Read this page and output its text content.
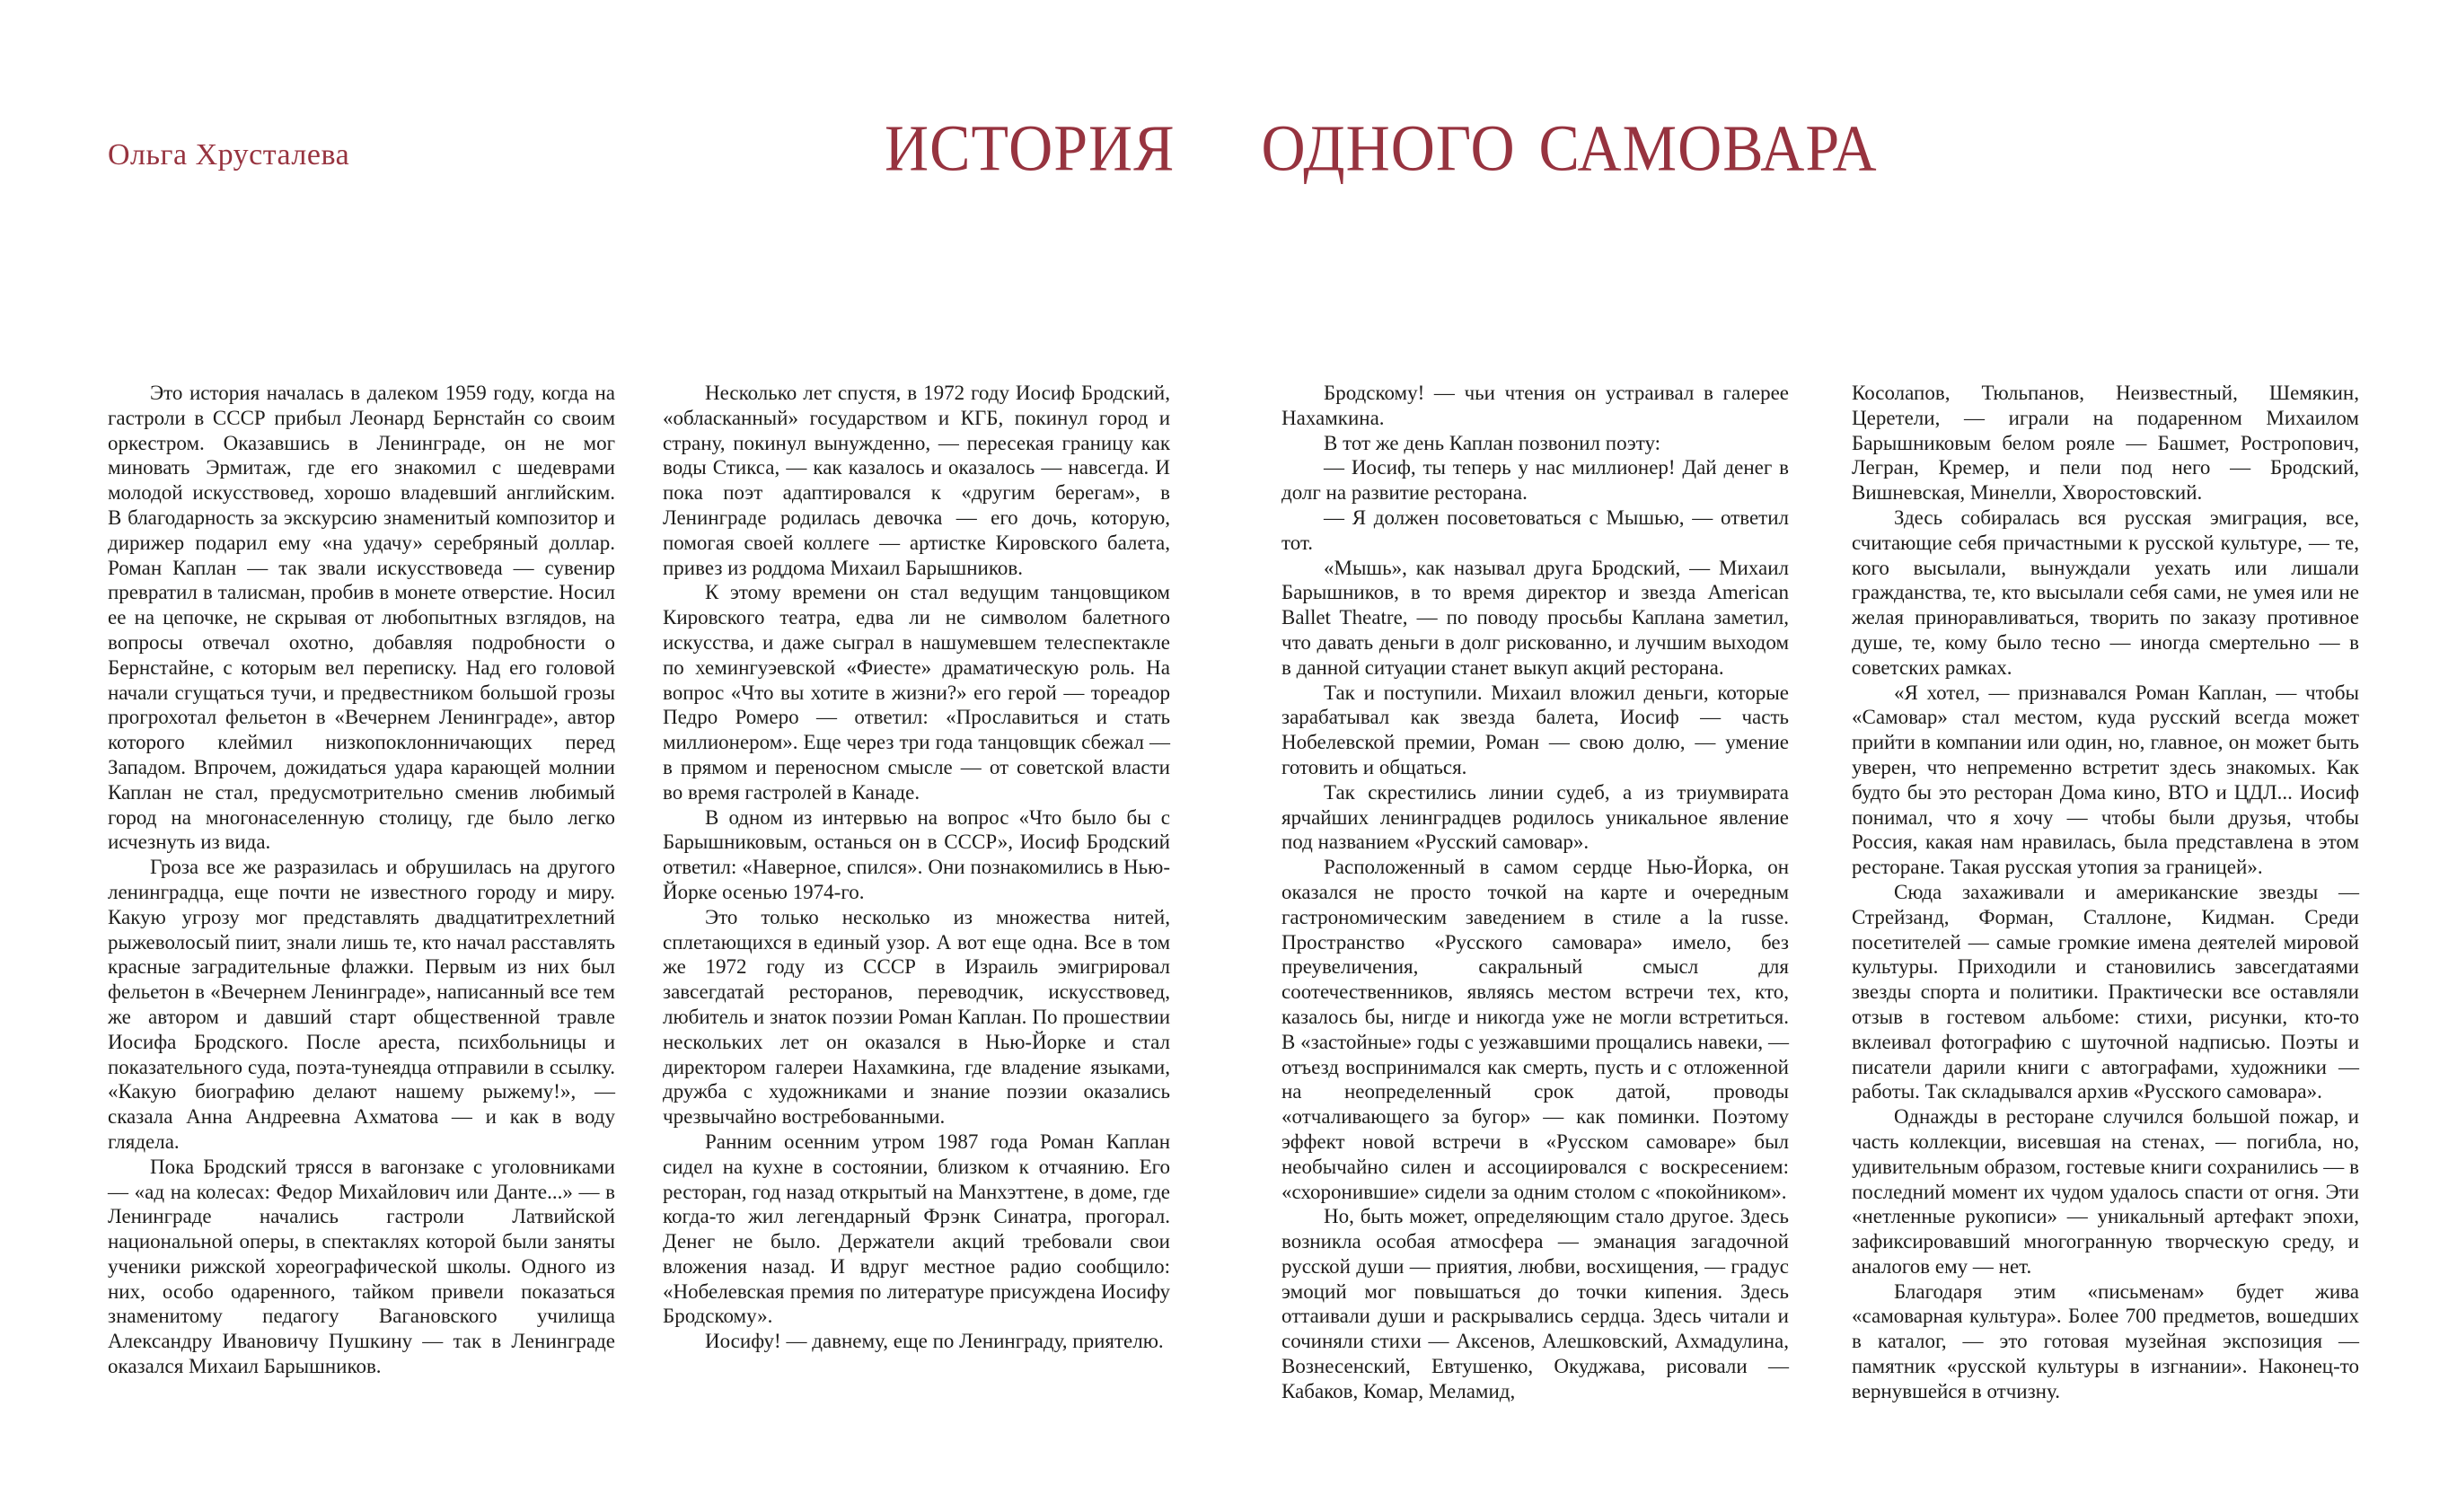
Ольга Хрусталева	ИСТОРИЯ ОДНОГО САМОВАРА

Это история началась в далеком 1959 году, когда на гастроли в СССР прибыл Леонард Бернстайн со своим оркестром. Оказавшись в Ленинграде, он не мог миновать Эрмитаж, где его знакомил с шедеврами молодой искусствовед, хорошо владевший английским. В благодарность за экскурсию знаменитый композитор и дирижер подарил ему «на удачу» серебряный доллар. Роман Каплан — так звали искусствоведа — сувенир превратил в талисман, пробив в монете отверстие. Носил ее на цепочке, не скрывая от любопытных взглядов, на вопросы отвечал охотно, добавляя подробности о Бернстайне, с которым вел переписку. Над его головой начали сгущаться тучи, и предвестником большой грозы прогрохотал фельетон в «Вечернем Ленинграде», автор которого клеймил низкопоклонничающих перед Западом. Впрочем, дожидаться удара карающей молнии Каплан не стал, предусмотрительно сменив любимый город на многонаселенную столицу, где было легко исчезнуть из вида.

Гроза все же разразилась и обрушилась на другого ленинградца, еще почти не известного городу и миру. Какую угрозу мог представлять двадцатитрехлетний рыжеволосый пиит, знали лишь те, кто начал расставлять красные заградительные флажки. Первым из них был фельетон в «Вечернем Ленинграде», написанный все тем же автором и давший старт общественной травле Иосифа Бродского. После ареста, психбольницы и показательного суда, поэта-тунеядца отправили в ссылку. «Какую биографию делают нашему рыжему!», — сказала Анна Андреевна Ахматова — и как в воду глядела.

Пока Бродский трясся в вагонзаке с уголовниками — «ад на колесах: Федор Михайлович или Данте...» — в Ленинграде начались гастроли Латвийской национальной оперы, в спектаклях которой были заняты ученики рижской хореографической школы. Одного из них, особо одаренного, тайком привели показаться знаменитому педагогу Вагановского училища Александру Ивановичу Пушкину — так в Ленинграде оказался Михаил Барышников.

Несколько лет спустя, в 1972 году Иосиф Бродский, «обласканный» государством и КГБ, покинул город и страну, покинул вынужденно, — пересекая границу как воды Стикса, — как казалось и оказалось — навсегда. И пока поэт адаптировался к «другим берегам», в Ленинграде родилась девочка — его дочь, которую, помогая своей коллеге — артистке Кировского балета, привез из роддома Михаил Барышников.

К этому времени он стал ведущим танцовщиком Кировского театра, едва ли не символом балетного искусства, и даже сыграл в нашумевшем телеспектакле по хемингуэевской «Фиесте» драматическую роль. На вопрос «Что вы хотите в жизни?» его герой — тореадор Педро Ромеро — ответил: «Прославиться и стать миллионером». Еще через три года танцовщик сбежал — в прямом и переносном смысле — от советской власти во время гастролей в Канаде.

В одном из интервью на вопрос «Что было бы с Барышниковым, останься он в СССР», Иосиф Бродский ответил: «Наверное, спился». Они познакомились в Нью-Йорке осенью 1974-го.

Это только несколько из множества нитей, сплетающихся в единый узор. А вот еще одна. Все в том же 1972 году из СССР в Израиль эмигрировал завсегдатай ресторанов, переводчик, искусствовед, любитель и знаток поэзии Роман Каплан. По прошествии нескольких лет он оказался в Нью-Йорке и стал директором галереи Нахамкина, где владение языками, дружба с художниками и знание поэзии оказались чрезвычайно востребованными.

Ранним осенним утром 1987 года Роман Каплан сидел на кухне в состоянии, близком к отчаянию. Его ресторан, год назад открытый на Манхэттене, в доме, где когда-то жил легендарный Фрэнк Синатра, прогорал. Денег не было. Держатели акций требовали свои вложения назад. И вдруг местное радио сообщило: «Нобелевская премия по литературе присуждена Иосифу Бродскому».

Иосифу! — давнему, еще по Ленинграду, приятелю.

Бродскому! — чьи чтения он устраивал в галерее Нахамкина.

В тот же день Каплан позвонил поэту:

— Иосиф, ты теперь у нас миллионер! Дай денег в долг на развитие ресторана.

— Я должен посоветоваться с Мышью, — ответил тот.

«Мышь», как называл друга Бродский, — Михаил Барышников, в то время директор и звезда American Ballet Theatre, — по поводу просьбы Каплана заметил, что давать деньги в долг рискованно, и лучшим выходом в данной ситуации станет выкуп акций ресторана.

Так и поступили. Михаил вложил деньги, которые зарабатывал как звезда балета, Иосиф — часть Нобелевской премии, Роман — свою долю, — умение готовить и общаться.

Так скрестились линии судеб, а из триумвирата ярчайших ленинградцев родилось уникальное явление под названием «Русский самовар».

Расположенный в самом сердце Нью-Йорка, он оказался не просто точкой на карте и очередным гастрономическим заведением в стиле a la russe. Пространство «Русского самовара» имело, без преувеличения, сакральный смысл для соотечественников, являясь местом встречи тех, кто, казалось бы, нигде и никогда уже не могли встретиться. В «застойные» годы с уезжавшими прощались навеки, — отъезд воспринимался как смерть, пусть и с отложенной на неопределенный срок датой, проводы «отчаливающего за бугор» — как поминки. Поэтому эффект новой встречи в «Русском самоваре» был необычайно силен и ассоциировался с воскресением: «схоронившие» сидели за одним столом с «покойником».

Но, быть может, определяющим стало другое. Здесь возникла особая атмосфера — эманация загадочной русской души — приятия, любви, восхищения, — градус эмоций мог повышаться до точки кипения. Здесь оттаивали души и раскрывались сердца. Здесь читали и сочиняли стихи — Аксенов, Алешковский, Ахмадулина, Вознесенский, Евтушенко, Окуджава, рисовали — Кабаков, Комар, Меламид,

Косолапов, Тюльпанов, Неизвестный, Шемякин, Церетели, — играли на подаренном Михаилом Барышниковым белом рояле — Башмет, Ростропович, Легран, Кремер, и пели под него — Бродский, Вишневская, Минелли, Хворостовский.

Здесь собиралась вся русская эмиграция, все, считающие себя причастными к русской культуре, — те, кого высылали, вынуждали уехать или лишали гражданства, те, кто высылали себя сами, не умея или не желая приноравливаться, творить по заказу противное душе, те, кому было тесно — иногда смертельно — в советских рамках.

«Я хотел, — признавался Роман Каплан, — чтобы «Самовар» стал местом, куда русский всегда может прийти в компании или один, но, главное, он может быть уверен, что непременно встретит здесь знакомых. Как будто бы это ресторан Дома кино, ВТО и ЦДЛ... Иосиф понимал, что я хочу — чтобы были друзья, чтобы Россия, какая нам нравилась, была представлена в этом ресторане. Такая русская утопия за границей».

Сюда захаживали и американские звезды — Стрейзанд, Форман, Сталлоне, Кидман. Среди посетителей — самые громкие имена деятелей мировой культуры. Приходили и становились завсегдатаями звезды спорта и политики. Практически все оставляли отзыв в гостевом альбоме: стихи, рисунки, кто-то вклеивал фотографию с шуточной надписью. Поэты и писатели дарили книги с автографами, художники — работы. Так складывался архив «Русского самовара».

Однажды в ресторане случился большой пожар, и часть коллекции, висевшая на стенах, — погибла, но, удивительным образом, гостевые книги сохранились — в последний момент их чудом удалось спасти от огня. Эти «нетленные рукописи» — уникальный артефакт эпохи, зафиксировавший многогранную творческую среду, и аналогов ему — нет.

Благодаря этим «письменам» будет жива «самоварная культура». Более 700 предметов, вошедших в каталог, — это готовая музейная экспозиция — памятник «русской культуры в изгнании». Наконец-то вернувшейся в отчизну.
